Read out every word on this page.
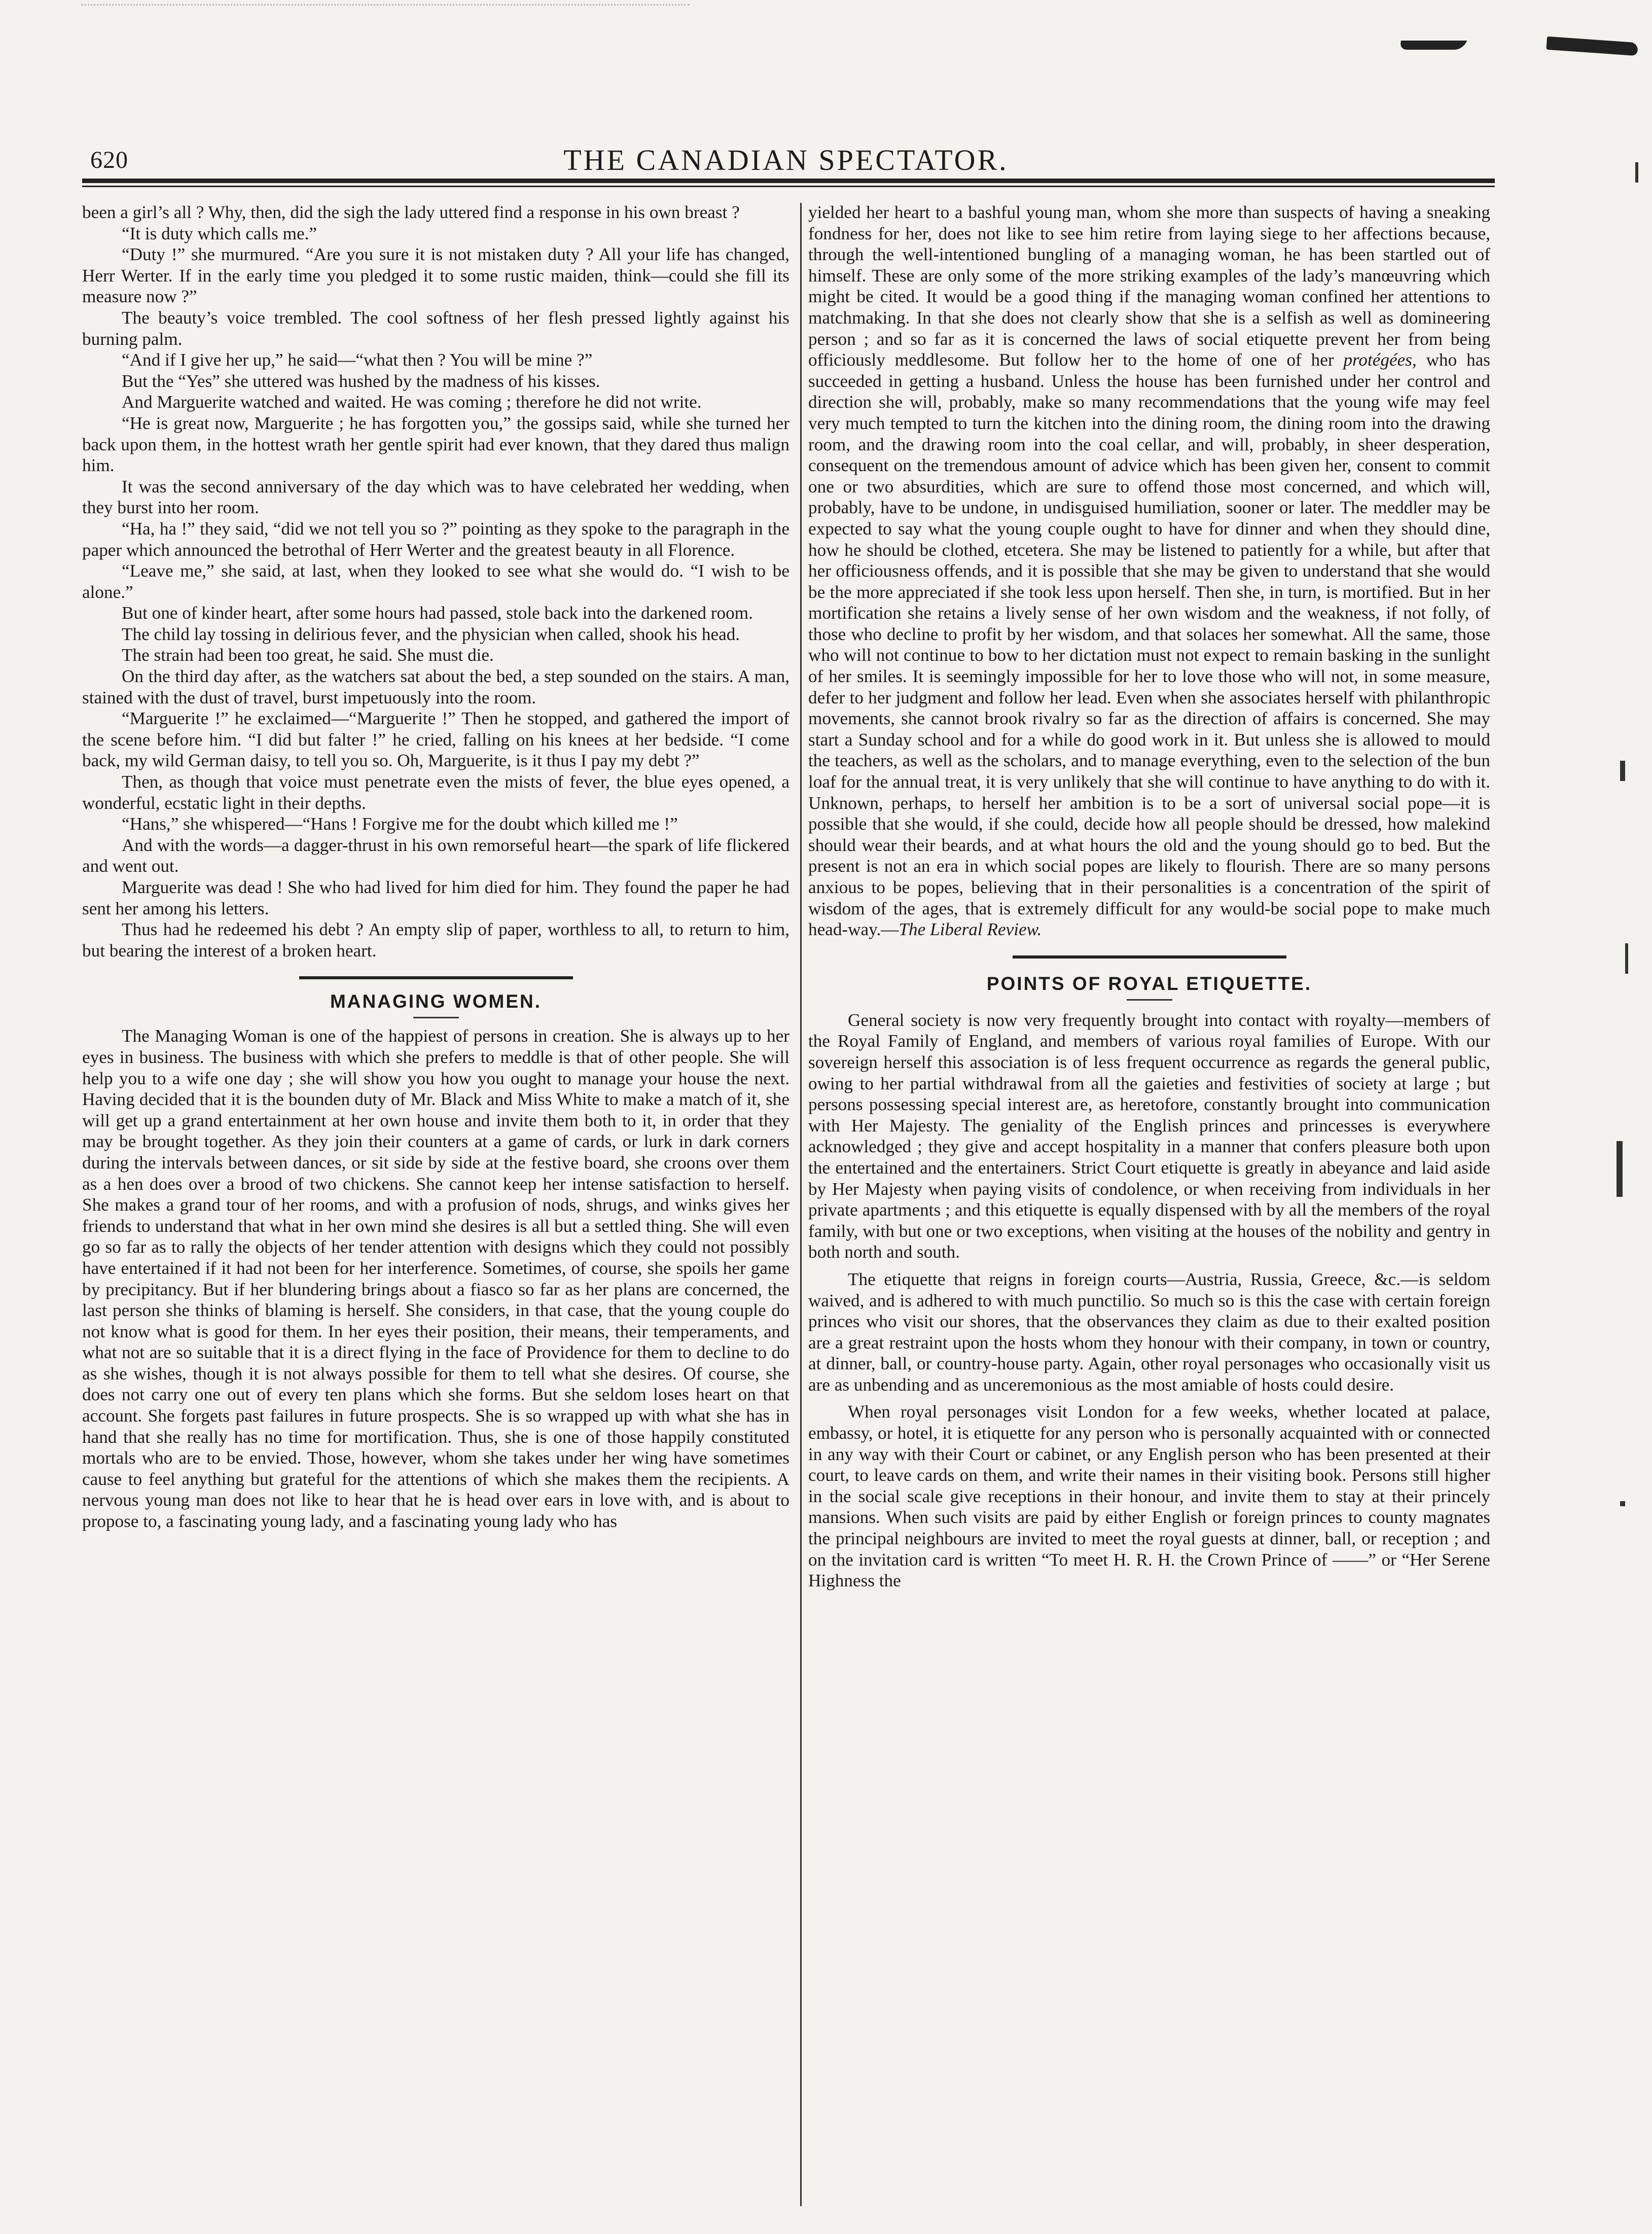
620	THE CANADIAN SPECTATOR.

been a girl’s all ? Why, then, did the sigh the lady uttered find a response in his own breast ?

“It is duty which calls me.”

“Duty !” she murmured. “Are you sure it is not mistaken duty ? All your life has changed, Herr Werter. If in the early time you pledged it to some rustic maiden, think—could she fill its measure now ?”

The beauty’s voice trembled. The cool softness of her flesh pressed lightly against his burning palm.

“And if I give her up,” he said—“what then ? You will be mine ?”

But the “Yes” she uttered was hushed by the madness of his kisses.

And Marguerite watched and waited. He was coming ; therefore he did not write.

“He is great now, Marguerite ; he has forgotten you,” the gossips said, while she turned her back upon them, in the hottest wrath her gentle spirit had ever known, that they dared thus malign him.

It was the second anniversary of the day which was to have celebrated her wedding, when they burst into her room.

“Ha, ha !” they said, “did we not tell you so ?” pointing as they spoke to the paragraph in the paper which announced the betrothal of Herr Werter and the greatest beauty in all Florence.

“Leave me,” she said, at last, when they looked to see what she would do. “I wish to be alone.”

But one of kinder heart, after some hours had passed, stole back into the darkened room.

The child lay tossing in delirious fever, and the physician when called, shook his head.

The strain had been too great, he said. She must die.

On the third day after, as the watchers sat about the bed, a step sounded on the stairs. A man, stained with the dust of travel, burst impetuously into the room.

“Marguerite !” he exclaimed—“Marguerite !” Then he stopped, and gathered the import of the scene before him. “I did but falter !” he cried, falling on his knees at her bedside. “I come back, my wild German daisy, to tell you so. Oh, Marguerite, is it thus I pay my debt ?”

Then, as though that voice must penetrate even the mists of fever, the blue eyes opened, a wonderful, ecstatic light in their depths.

“Hans,” she whispered—“Hans ! Forgive me for the doubt which killed me !”

And with the words—a dagger-thrust in his own remorseful heart—the spark of life flickered and went out.

Marguerite was dead ! She who had lived for him died for him. They found the paper he had sent her among his letters.

Thus had he redeemed his debt ? An empty slip of paper, worthless to all, to return to him, but bearing the interest of a broken heart.

MANAGING WOMEN.

The Managing Woman is one of the happiest of persons in creation. She is always up to her eyes in business. The business with which she prefers to meddle is that of other people. She will help you to a wife one day ; she will show you how you ought to manage your house the next. Having decided that it is the bounden duty of Mr. Black and Miss White to make a match of it, she will get up a grand entertainment at her own house and invite them both to it, in order that they may be brought together. As they join their counters at a game of cards, or lurk in dark corners during the intervals between dances, or sit side by side at the festive board, she croons over them as a hen does over a brood of two chickens. She cannot keep her intense satisfaction to herself. She makes a grand tour of her rooms, and with a profusion of nods, shrugs, and winks gives her friends to understand that what in her own mind she desires is all but a settled thing. She will even go so far as to rally the objects of her tender attention with designs which they could not possibly have entertained if it had not been for her interference. Sometimes, of course, she spoils her game by precipitancy. But if her blundering brings about a fiasco so far as her plans are concerned, the last person she thinks of blaming is herself. She considers, in that case, that the young couple do not know what is good for them. In her eyes their position, their means, their temperaments, and what not are so suitable that it is a direct flying in the face of Providence for them to decline to do as she wishes, though it is not always possible for them to tell what she desires. Of course, she does not carry one out of every ten plans which she forms. But she seldom loses heart on that account. She forgets past failures in future prospects. She is so wrapped up with what she has in hand that she really has no time for mortification. Thus, she is one of those happily constituted mortals who are to be envied. Those, however, whom she takes under her wing have sometimes cause to feel anything but grateful for the attentions of which she makes them the recipients. A nervous young man does not like to hear that he is head over ears in love with, and is about to propose to, a fascinating young lady, and a fascinating young lady who has

yielded her heart to a bashful young man, whom she more than suspects of having a sneaking fondness for her, does not like to see him retire from laying siege to her affections because, through the well-intentioned bungling of a managing woman, he has been startled out of himself. These are only some of the more striking examples of the lady’s manœuvring which might be cited. It would be a good thing if the managing woman confined her attentions to matchmaking. In that she does not clearly show that she is a selfish as well as domineering person ; and so far as it is concerned the laws of social etiquette prevent her from being officiously meddlesome. But follow her to the home of one of her protégées, who has succeeded in getting a husband. Unless the house has been furnished under her control and direction she will, probably, make so many recommendations that the young wife may feel very much tempted to turn the kitchen into the dining room, the dining room into the drawing room, and the drawing room into the coal cellar, and will, probably, in sheer desperation, consequent on the tremendous amount of advice which has been given her, consent to commit one or two absurdities, which are sure to offend those most concerned, and which will, probably, have to be undone, in undisguised humiliation, sooner or later. The meddler may be expected to say what the young couple ought to have for dinner and when they should dine, how he should be clothed, etcetera. She may be listened to patiently for a while, but after that her officiousness offends, and it is possible that she may be given to understand that she would be the more appreciated if she took less upon herself. Then she, in turn, is mortified. But in her mortification she retains a lively sense of her own wisdom and the weakness, if not folly, of those who decline to profit by her wisdom, and that solaces her somewhat. All the same, those who will not continue to bow to her dictation must not expect to remain basking in the sunlight of her smiles. It is seemingly impossible for her to love those who will not, in some measure, defer to her judgment and follow her lead. Even when she associates herself with philanthropic movements, she cannot brook rivalry so far as the direction of affairs is concerned. She may start a Sunday school and for a while do good work in it. But unless she is allowed to mould the teachers, as well as the scholars, and to manage everything, even to the selection of the bun loaf for the annual treat, it is very unlikely that she will continue to have anything to do with it. Unknown, perhaps, to herself her ambition is to be a sort of universal social pope—it is possible that she would, if she could, decide how all people should be dressed, how malekind should wear their beards, and at what hours the old and the young should go to bed. But the present is not an era in which social popes are likely to flourish. There are so many persons anxious to be popes, believing that in their personalities is a concentration of the spirit of wisdom of the ages, that is extremely difficult for any would-be social pope to make much head-way.—The Liberal Review.

POINTS OF ROYAL ETIQUETTE.

General society is now very frequently brought into contact with royalty—members of the Royal Family of England, and members of various royal families of Europe. With our sovereign herself this association is of less frequent occurrence as regards the general public, owing to her partial withdrawal from all the gaieties and festivities of society at large ; but persons possessing special interest are, as heretofore, constantly brought into communication with Her Majesty. The geniality of the English princes and princesses is everywhere acknowledged ; they give and accept hospitality in a manner that confers pleasure both upon the entertained and the entertainers. Strict Court etiquette is greatly in abeyance and laid aside by Her Majesty when paying visits of condolence, or when receiving from individuals in her private apartments ; and this etiquette is equally dispensed with by all the members of the royal family, with but one or two exceptions, when visiting at the houses of the nobility and gentry in both north and south.

The etiquette that reigns in foreign courts—Austria, Russia, Greece, &c.—is seldom waived, and is adhered to with much punctilio. So much so is this the case with certain foreign princes who visit our shores, that the observances they claim as due to their exalted position are a great restraint upon the hosts whom they honour with their company, in town or country, at dinner, ball, or country-house party. Again, other royal personages who occasionally visit us are as unbending and as unceremonious as the most amiable of hosts could desire.

When royal personages visit London for a few weeks, whether located at palace, embassy, or hotel, it is etiquette for any person who is personally acquainted with or connected in any way with their Court or cabinet, or any English person who has been presented at their court, to leave cards on them, and write their names in their visiting book. Persons still higher in the social scale give receptions in their honour, and invite them to stay at their princely mansions. When such visits are paid by either English or foreign princes to county magnates the principal neighbours are invited to meet the royal guests at dinner, ball, or reception ; and on the invitation card is written “To meet H. R. H. the Crown Prince of ——” or “Her Serene Highness the
